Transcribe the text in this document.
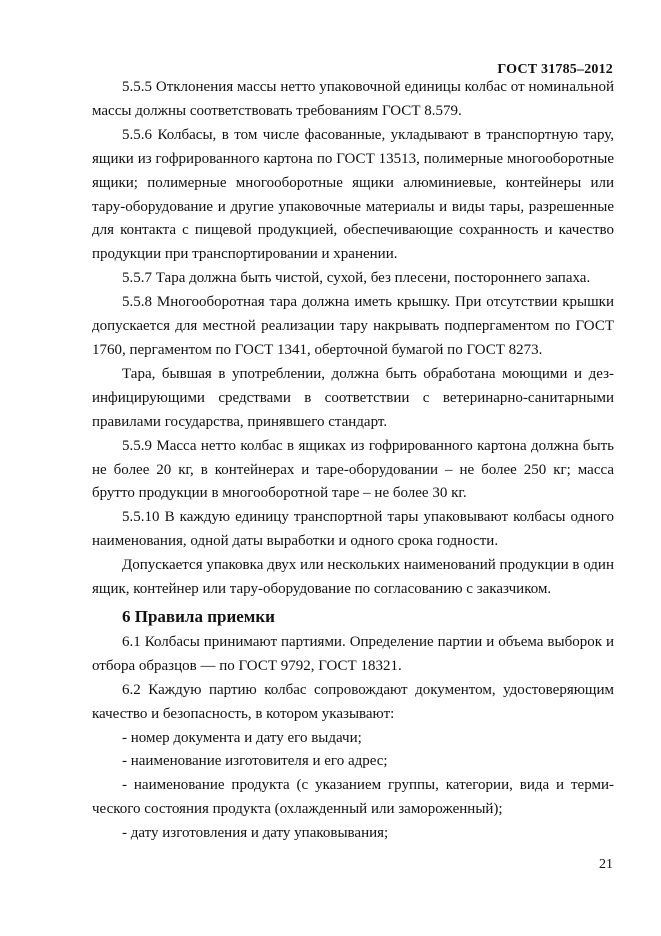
ГОСТ 31785–2012

5.5.5 Отклонения массы нетто упаковочной единицы колбас от номинальной массы должны соответствовать требованиям ГОСТ 8.579.

5.5.6 Колбасы, в том числе фасованные, укладывают в транспортную тару, ящики из гофрированного картона по ГОСТ 13513, полимерные многооборотные ящики; полимерные многооборотные ящики алюминиевые, контейнеры или тару-оборудование и другие упаковочные материалы и виды тары, разрешенные для контакта с пищевой продукцией, обеспечивающие сохранность и качество продукции при транспортировании и хранении.

5.5.7 Тара должна быть чистой, сухой, без плесени, постороннего запаха.

5.5.8 Многооборотная тара должна иметь крышку. При отсутствии крышки допускается для местной реализации тару накрывать подпергаментом по ГОСТ 1760, пергаментом по ГОСТ 1341, оберточной бумагой по ГОСТ 8273.

Тара, бывшая в употреблении, должна быть обработана моющими и дезинфицирующими средствами в соответствии с ветеринарно-санитарными правилами государства, принявшего стандарт.

5.5.9 Масса нетто колбас в ящиках из гофрированного картона должна быть не более 20 кг, в контейнерах и таре-оборудовании – не более 250 кг; масса брутто продукции в многооборотной таре – не более 30 кг.

5.5.10 В каждую единицу транспортной тары упаковывают колбасы одного наименования, одной даты выработки и одного срока годности.

Допускается упаковка двух или нескольких наименований продукции в один ящик, контейнер или тару-оборудование по согласованию с заказчиком.

6 Правила приемки

6.1 Колбасы принимают партиями. Определение партии и объема выборок и отбора образцов — по ГОСТ 9792, ГОСТ 18321.

6.2 Каждую партию колбас сопровождают документом, удостоверяющим качество и безопасность, в котором указывают:

- номер документа и дату его выдачи;

- наименование изготовителя и его адрес;

- наименование продукта (с указанием группы, категории, вида и термического состояния продукта (охлажденный или замороженный);

- дату изготовления и дату упаковывания;

21
